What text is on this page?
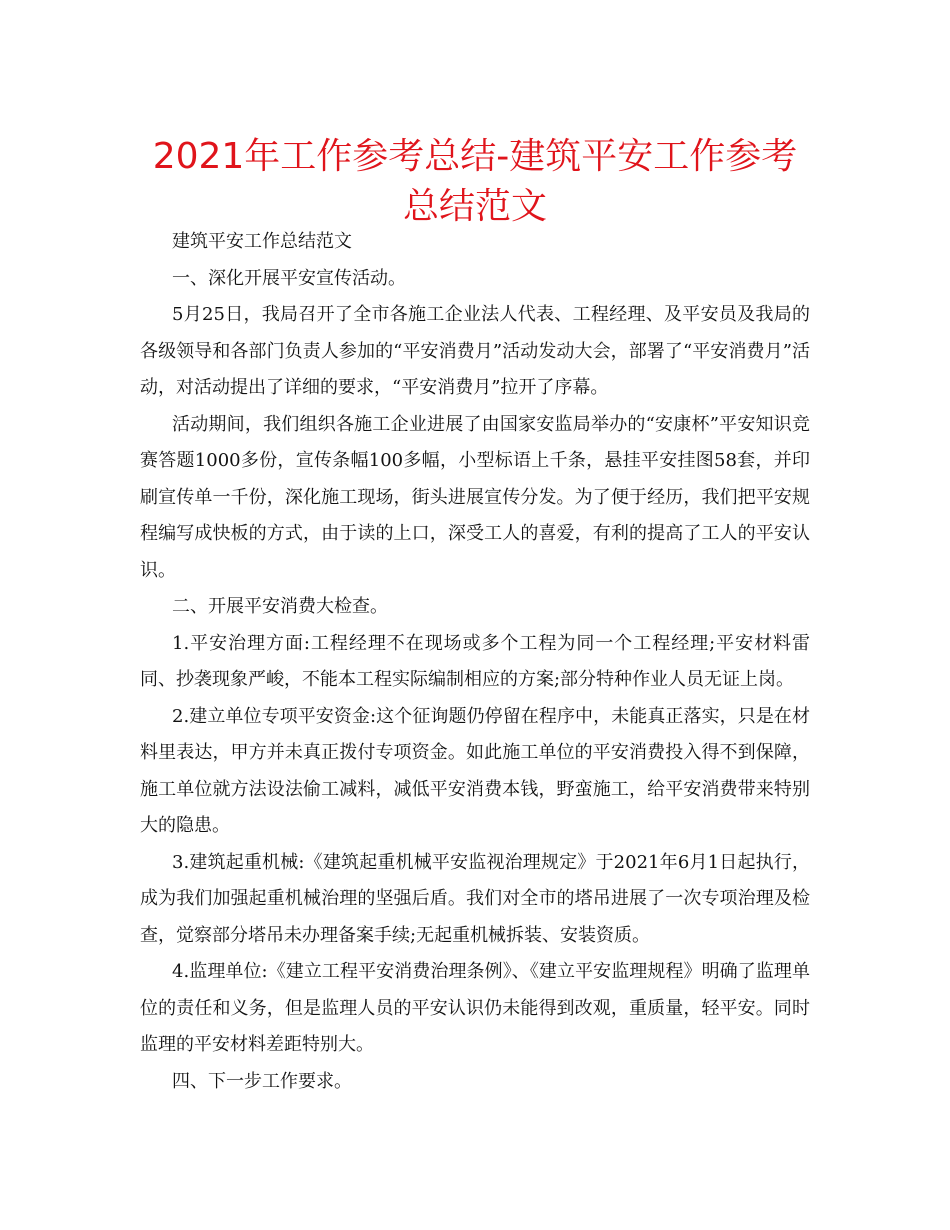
2021年工作参考总结-建筑平安工作参考总结范文

建筑平安工作总结范文

一、深化开展平安宣传活动。

5月25日，我局召开了全市各施工企业法人代表、工程经理、及平安员及我局的各级领导和各部门负责人参加的“平安消费月”活动发动大会，部署了“平安消费月”活动，对活动提出了详细的要求，“平安消费月”拉开了序幕。

活动期间，我们组织各施工企业进展了由国家安监局举办的“安康杯”平安知识竞赛答题1000多份，宣传条幅100多幅，小型标语上千条，悬挂平安挂图58套，并印刷宣传单一千份，深化施工现场，街头进展宣传分发。为了便于经历，我们把平安规程编写成快板的方式，由于读的上口，深受工人的喜爱，有利的提高了工人的平安认识。

二、开展平安消费大检查。

1.平安治理方面:工程经理不在现场或多个工程为同一个工程经理;平安材料雷同、抄袭现象严峻，不能本工程实际编制相应的方案;部分特种作业人员无证上岗。

2.建立单位专项平安资金:这个征询题仍停留在程序中，未能真正落实，只是在材料里表达，甲方并未真正拨付专项资金。如此施工单位的平安消费投入得不到保障，施工单位就方法设法偷工减料，减低平安消费本钱，野蛮施工，给平安消费带来特别大的隐患。

3.建筑起重机械:《建筑起重机械平安监视治理规定》于2021年6月1日起执行，成为我们加强起重机械治理的坚强后盾。我们对全市的塔吊进展了一次专项治理及检查，觉察部分塔吊未办理备案手续;无起重机械拆装、安装资质。

4.监理单位:《建立工程平安消费治理条例》、《建立平安监理规程》明确了监理单位的责任和义务，但是监理人员的平安认识仍未能得到改观，重质量，轻平安。同时监理的平安材料差距特别大。

四、下一步工作要求。
